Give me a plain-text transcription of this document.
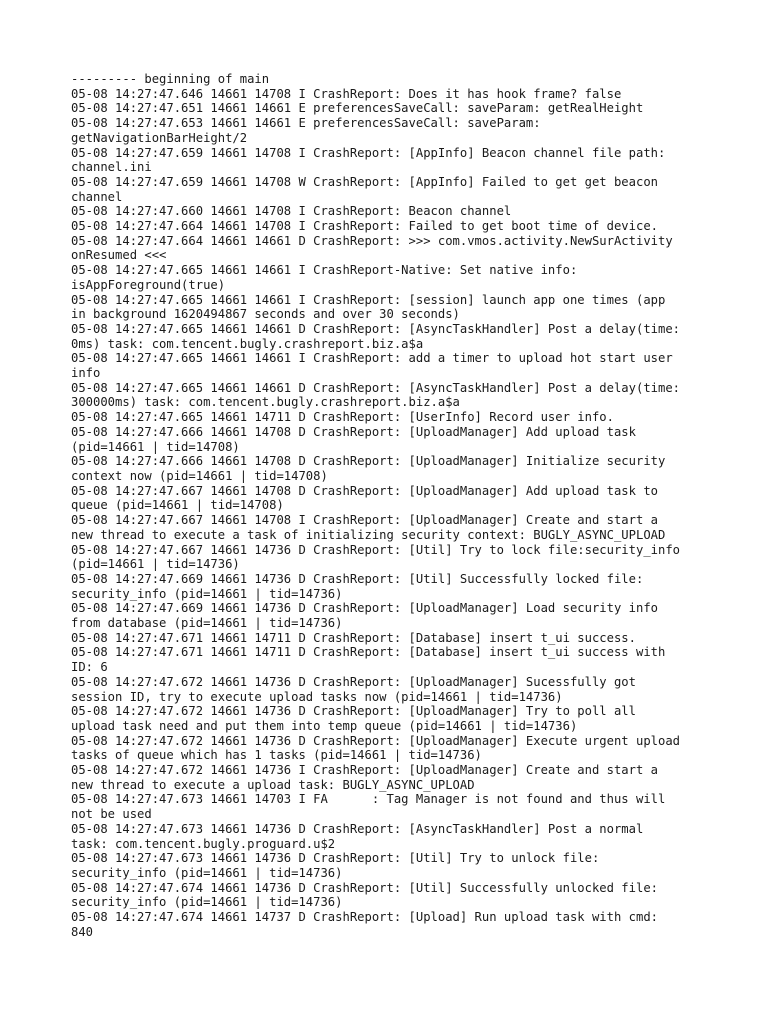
--------- beginning of main
05-08 14:27:47.646 14661 14708 I CrashReport: Does it has hook frame? false
05-08 14:27:47.651 14661 14661 E preferencesSaveCall: saveParam: getRealHeight
05-08 14:27:47.653 14661 14661 E preferencesSaveCall: saveParam:
getNavigationBarHeight/2
05-08 14:27:47.659 14661 14708 I CrashReport: [AppInfo] Beacon channel file path:
channel.ini
05-08 14:27:47.659 14661 14708 W CrashReport: [AppInfo] Failed to get get beacon
channel
05-08 14:27:47.660 14661 14708 I CrashReport: Beacon channel
05-08 14:27:47.664 14661 14708 I CrashReport: Failed to get boot time of device.
05-08 14:27:47.664 14661 14661 D CrashReport: >>> com.vmos.activity.NewSurActivity
onResumed <<<
05-08 14:27:47.665 14661 14661 I CrashReport-Native: Set native info:
isAppForeground(true)
05-08 14:27:47.665 14661 14661 I CrashReport: [session] launch app one times (app
in background 1620494867 seconds and over 30 seconds)
05-08 14:27:47.665 14661 14661 D CrashReport: [AsyncTaskHandler] Post a delay(time:
0ms) task: com.tencent.bugly.crashreport.biz.a$a
05-08 14:27:47.665 14661 14661 I CrashReport: add a timer to upload hot start user
info
05-08 14:27:47.665 14661 14661 D CrashReport: [AsyncTaskHandler] Post a delay(time:
300000ms) task: com.tencent.bugly.crashreport.biz.a$a
05-08 14:27:47.665 14661 14711 D CrashReport: [UserInfo] Record user info.
05-08 14:27:47.666 14661 14708 D CrashReport: [UploadManager] Add upload task
(pid=14661 | tid=14708)
05-08 14:27:47.666 14661 14708 D CrashReport: [UploadManager] Initialize security
context now (pid=14661 | tid=14708)
05-08 14:27:47.667 14661 14708 D CrashReport: [UploadManager] Add upload task to
queue (pid=14661 | tid=14708)
05-08 14:27:47.667 14661 14708 I CrashReport: [UploadManager] Create and start a
new thread to execute a task of initializing security context: BUGLY_ASYNC_UPLOAD
05-08 14:27:47.667 14661 14736 D CrashReport: [Util] Try to lock file:security_info
(pid=14661 | tid=14736)
05-08 14:27:47.669 14661 14736 D CrashReport: [Util] Successfully locked file:
security_info (pid=14661 | tid=14736)
05-08 14:27:47.669 14661 14736 D CrashReport: [UploadManager] Load security info
from database (pid=14661 | tid=14736)
05-08 14:27:47.671 14661 14711 D CrashReport: [Database] insert t_ui success.
05-08 14:27:47.671 14661 14711 D CrashReport: [Database] insert t_ui success with
ID: 6
05-08 14:27:47.672 14661 14736 D CrashReport: [UploadManager] Sucessfully got
session ID, try to execute upload tasks now (pid=14661 | tid=14736)
05-08 14:27:47.672 14661 14736 D CrashReport: [UploadManager] Try to poll all
upload task need and put them into temp queue (pid=14661 | tid=14736)
05-08 14:27:47.672 14661 14736 D CrashReport: [UploadManager] Execute urgent upload
tasks of queue which has 1 tasks (pid=14661 | tid=14736)
05-08 14:27:47.672 14661 14736 I CrashReport: [UploadManager] Create and start a
new thread to execute a upload task: BUGLY_ASYNC_UPLOAD
05-08 14:27:47.673 14661 14703 I FA      : Tag Manager is not found and thus will
not be used
05-08 14:27:47.673 14661 14736 D CrashReport: [AsyncTaskHandler] Post a normal
task: com.tencent.bugly.proguard.u$2
05-08 14:27:47.673 14661 14736 D CrashReport: [Util] Try to unlock file:
security_info (pid=14661 | tid=14736)
05-08 14:27:47.674 14661 14736 D CrashReport: [Util] Successfully unlocked file:
security_info (pid=14661 | tid=14736)
05-08 14:27:47.674 14661 14737 D CrashReport: [Upload] Run upload task with cmd:
840
